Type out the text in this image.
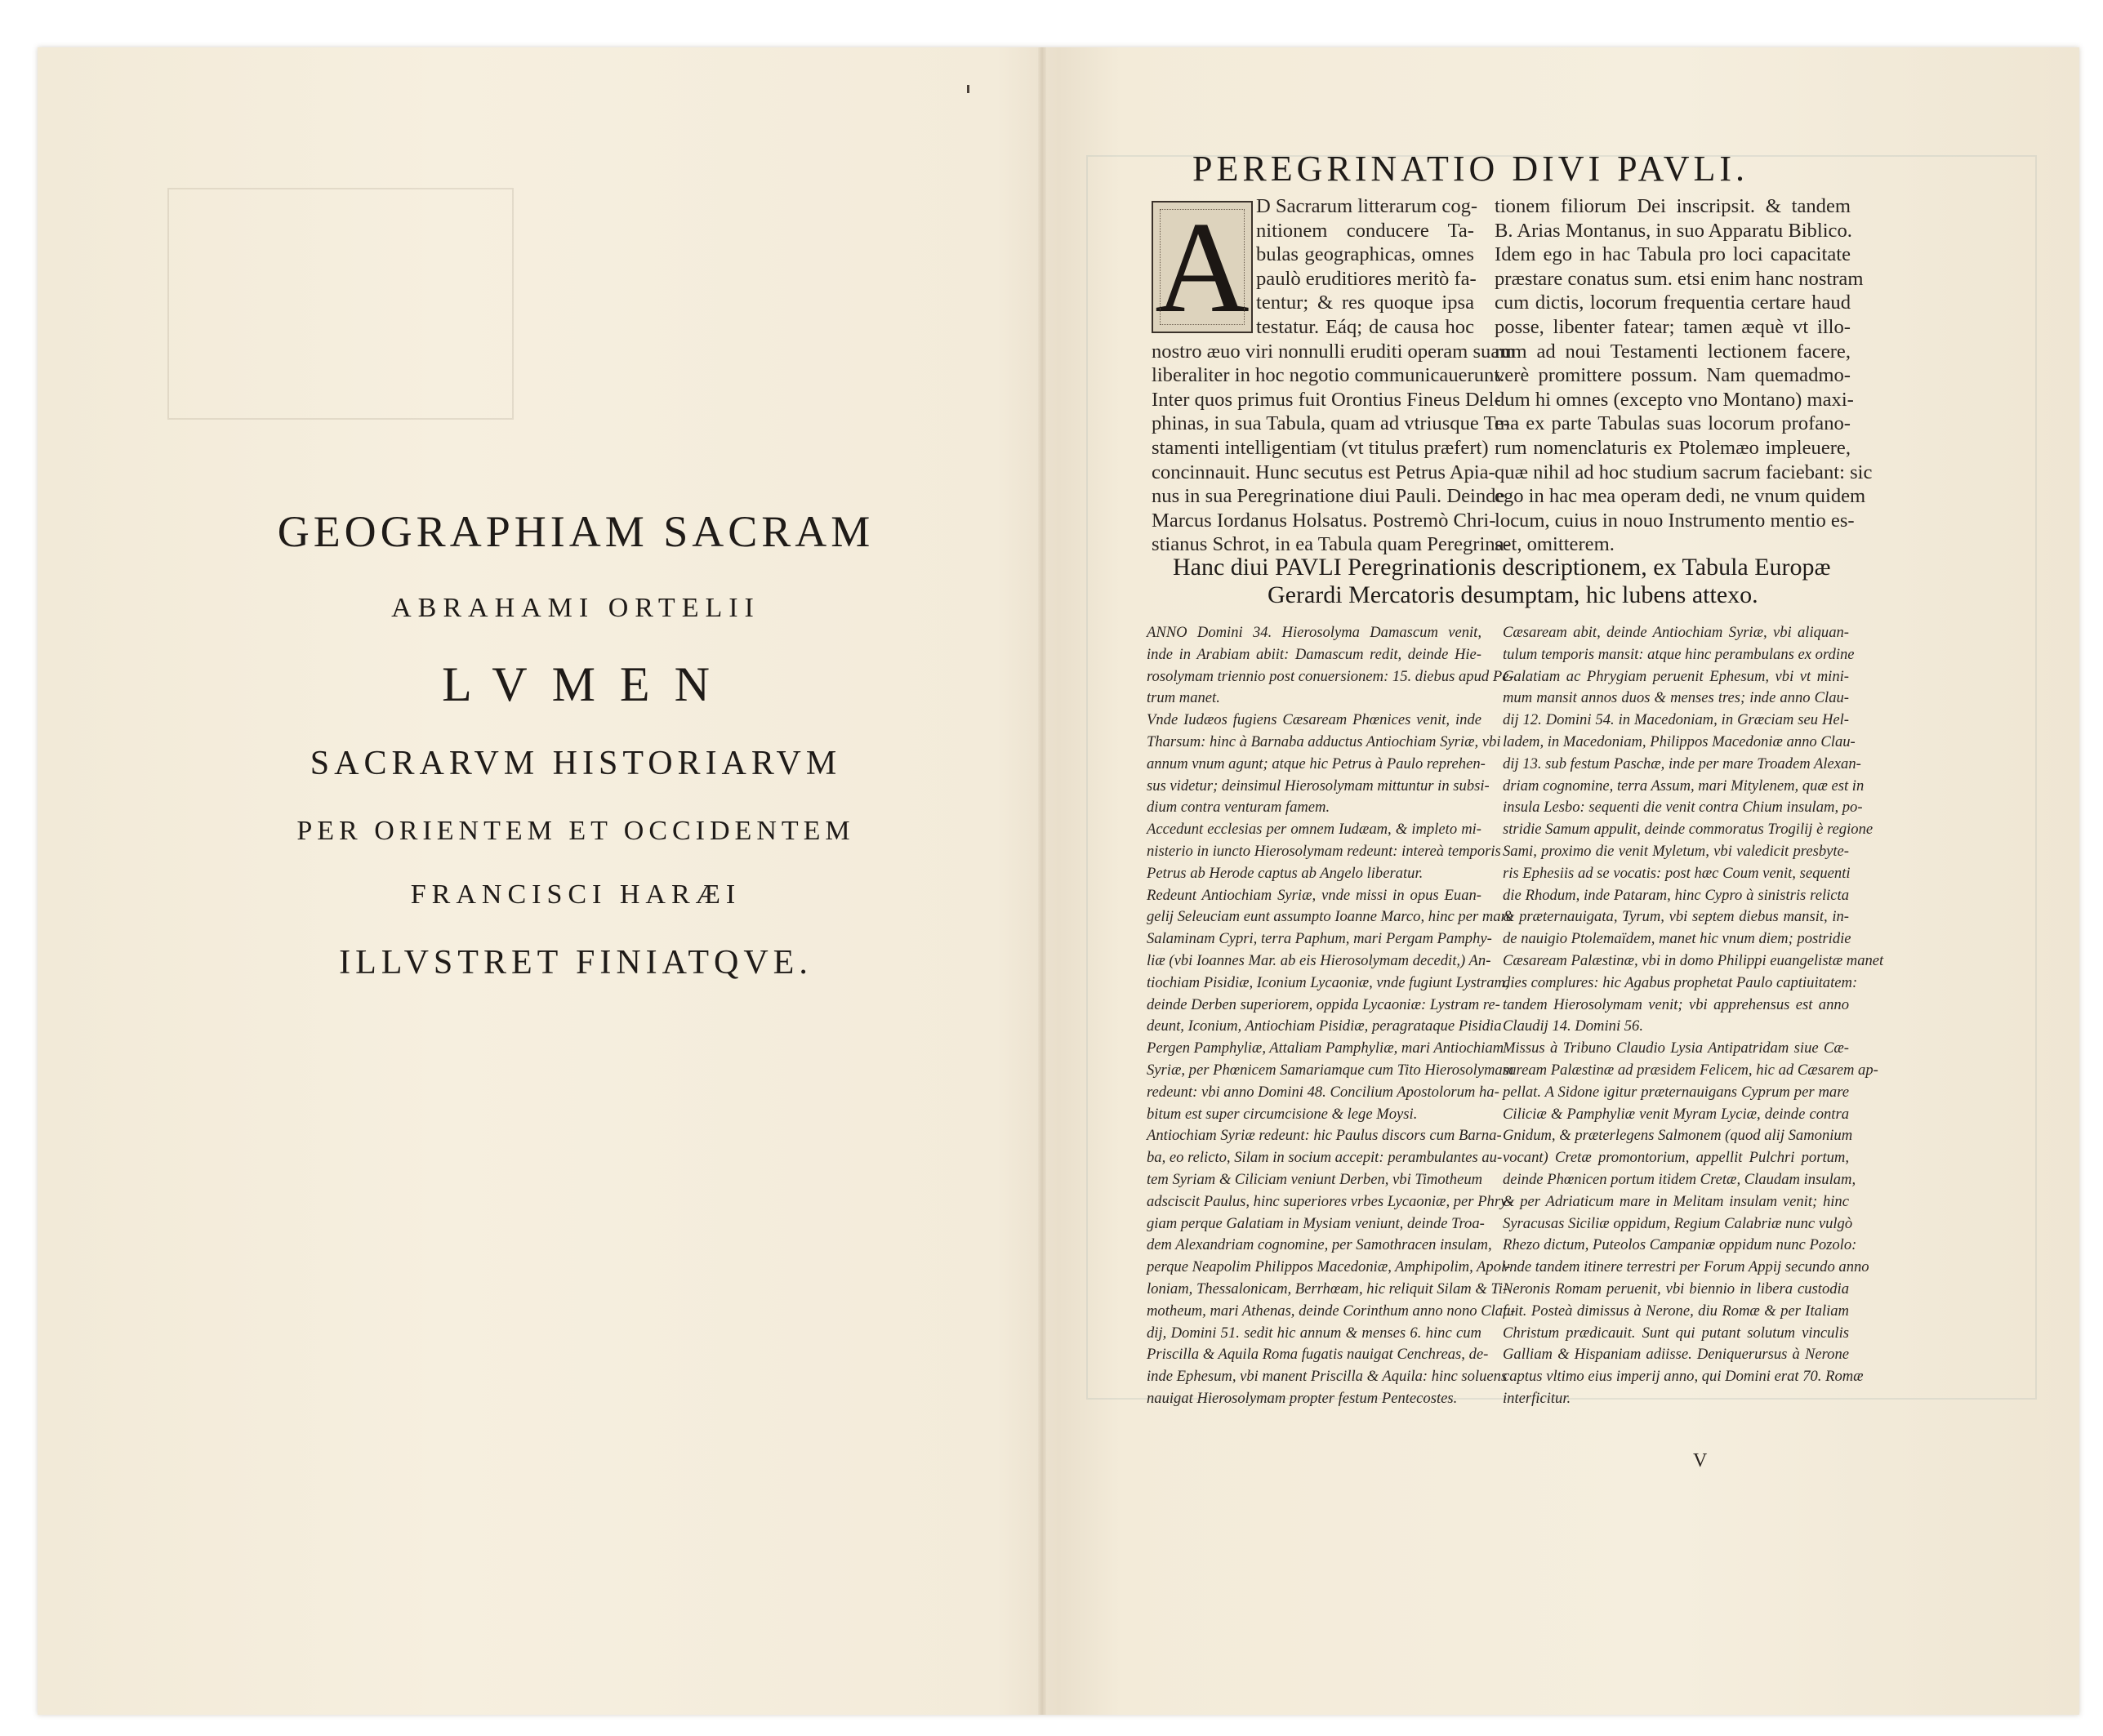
GEOGRAPHIAM SACRAM
ABRAHAMI ORTELII
LVMEN
SACRARVM HISTORIARVM
PER ORIENTEM ET OCCIDENTEM
FRANCISCI HARÆI
ILLVSTRET FINIATQVE.
PEREGRINATIO DIVI PAVLI.
A D Sacrarum litterarum cog-
nitionem conducere Ta-
bulas geographicas, omnes
paulò eruditiores meritò fa-
tentur; & res quoque ipsa
testatur. Eáq; de causa hoc
nostro æuo viri nonnulli eruditi operam suam
liberaliter in hoc negotio communicauerunt.
Inter quos primus fuit Orontius Fineus Del-
phinas, in sua Tabula, quam ad vtriusque Te-
stamenti intelligentiam (vt titulus præfert)
concinnauit. Hunc secutus est Petrus Apia-
nus in sua Peregrinatione diui Pauli. Deinde
Marcus Iordanus Holsatus. Postremò Chri-
stianus Schrot, in ea Tabula quam Peregrina-
tionem filiorum Dei inscripsit. & tandem
B. Arias Montanus, in suo Apparatu Biblico.
Idem ego in hac Tabula pro loci capacitate
præstare conatus sum. etsi enim hanc nostram
cum dictis, locorum frequentia certare haud
posse, libenter fatear; tamen æquè vt illo-
rum ad noui Testamenti lectionem facere,
verè promittere possum. Nam quemadmo-
dum hi omnes (excepto vno Montano) maxi-
ma ex parte Tabulas suas locorum profano-
rum nomenclaturis ex Ptolemæo impleuere,
quæ nihil ad hoc studium sacrum faciebant: sic
ego in hac mea operam dedi, ne vnum quidem
locum, cuius in nouo Instrumento mentio es-
set, omitterem.
Hanc diui PAVLI Peregrinationis descriptionem, ex Tabula Europæ
Gerardi Mercatoris desumptam, hic lubens attexo.
ANNO Domini 34. Hierosolyma Damascum venit,
inde in Arabiam abiit: Damascum redit, deinde Hie-
rosolymam triennio post conuersionem: 15. diebus apud Pe-
trum manet.
Vnde Iudæos fugiens Cæsaream Phœnices venit, inde
Tharsum: hinc à Barnaba adductus Antiochiam Syriæ, vbi
annum vnum agunt; atque hic Petrus à Paulo reprehen-
sus videtur; deinsimul Hierosolymam mittuntur in subsi-
dium contra venturam famem.
Accedunt ecclesias per omnem Iudæam, & impleto mi-
nisterio in iuncto Hierosolymam redeunt: intereà temporis
Petrus ab Herode captus ab Angelo liberatur.
Redeunt Antiochiam Syriæ, vnde missi in opus Euan-
gelij Seleuciam eunt assumpto Ioanne Marco, hinc per mare
Salaminam Cypri, terra Paphum, mari Pergam Pamphy-
liæ (vbi Ioannes Mar. ab eis Hierosolymam decedit,) An-
tiochiam Pisidiæ, Iconium Lycaoniæ, vnde fugiunt Lystram,
deinde Derben superiorem, oppida Lycaoniæ: Lystram re-
deunt, Iconium, Antiochiam Pisidiæ, peragrataque Pisidia
Pergen Pamphyliæ, Attaliam Pamphyliæ, mari Antiochiam
Syriæ, per Phœnicem Samariamque cum Tito Hierosolymam
redeunt: vbi anno Domini 48. Concilium Apostolorum ha-
bitum est super circumcisione & lege Moysi.
Antiochiam Syriæ redeunt: hic Paulus discors cum Barna-
ba, eo relicto, Silam in socium accepit: perambulantes au-
tem Syriam & Ciliciam veniunt Derben, vbi Timotheum
adsciscit Paulus, hinc superiores vrbes Lycaoniæ, per Phry-
giam perque Galatiam in Mysiam veniunt, deinde Troa-
dem Alexandriam cognomine, per Samothracen insulam,
perque Neapolim Philippos Macedoniæ, Amphipolim, Apol-
loniam, Thessalonicam, Berrhœam, hic reliquit Silam & Ti-
motheum, mari Athenas, deinde Corinthum anno nono Clau-
dij, Domini 51. sedit hic annum & menses 6. hinc cum
Priscilla & Aquila Roma fugatis nauigat Cenchreas, de-
inde Ephesum, vbi manent Priscilla & Aquila: hinc soluens
nauigat Hierosolymam propter festum Pentecostes.
Cæsaream abit, deinde Antiochiam Syriæ, vbi aliquan-
tulum temporis mansit: atque hinc perambulans ex ordine
Galatiam ac Phrygiam peruenit Ephesum, vbi vt mini-
mum mansit annos duos & menses tres; inde anno Clau-
dij 12. Domini 54. in Macedoniam, in Græciam seu Hel-
ladem, in Macedoniam, Philippos Macedoniæ anno Clau-
dij 13. sub festum Paschæ, inde per mare Troadem Alexan-
driam cognomine, terra Assum, mari Mitylenem, quæ est in
insula Lesbo: sequenti die venit contra Chium insulam, po-
stridie Samum appulit, deinde commoratus Trogilij è regione
Sami, proximo die venit Myletum, vbi valedicit presbyte-
ris Ephesiis ad se vocatis: post hæc Coum venit, sequenti
die Rhodum, inde Pataram, hinc Cypro à sinistris relicta
& præternauigata, Tyrum, vbi septem diebus mansit, in-
de nauigio Ptolemaïdem, manet hic vnum diem; postridie
Cæsaream Palæstinæ, vbi in domo Philippi euangelistæ manet
dies complures: hic Agabus prophetat Paulo captiuitatem:
tandem Hierosolymam venit; vbi apprehensus est anno
Claudij 14. Domini 56.
Missus à Tribuno Claudio Lysia Antipatridam siue Cæ-
saream Palæstinæ ad præsidem Felicem, hic ad Cæsarem ap-
pellat. A Sidone igitur præternauigans Cyprum per mare
Ciliciæ & Pamphyliæ venit Myram Lyciæ, deinde contra
Gnidum, & præterlegens Salmonem (quod alij Samonium
vocant) Cretæ promontorium, appellit Pulchri portum,
deinde Phœnicen portum itidem Cretæ, Claudam insulam,
& per Adriaticum mare in Melitam insulam venit; hinc
Syracusas Siciliæ oppidum, Regium Calabriæ nunc vulgò
Rhezo dictum, Puteolos Campaniæ oppidum nunc Pozolo:
vnde tandem itinere terrestri per Forum Appij secundo anno
Neronis Romam peruenit, vbi biennio in libera custodia
fuit. Posteà dimissus à Nerone, diu Romæ & per Italiam
Christum prædicauit. Sunt qui putant solutum vinculis
Galliam & Hispaniam adiisse. Deniquerursus à Nerone
captus vltimo eius imperij anno, qui Domini erat 70. Romæ
interficitur.
V
